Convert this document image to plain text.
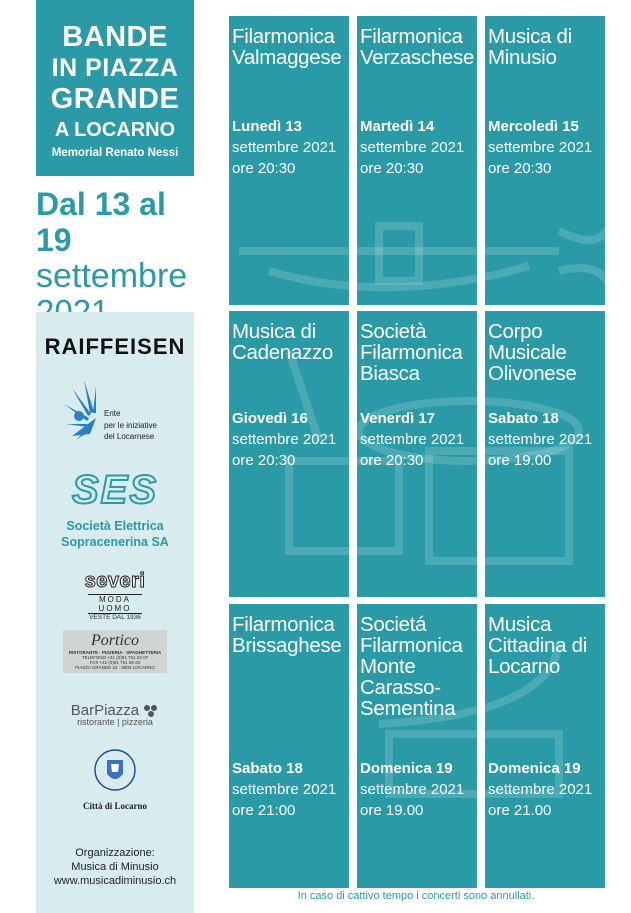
BANDE
IN PIAZZA
GRANDE
A LOCARNO
Memorial Renato Nessi
Dal 13 al 19
settembre
RAIFFEISEN
Ente
per le iniziative
del Locarnese
SES
Società Elettrica
Sopracenerina SA
severi
MODA UOMO
VESTE DAL 1936
Portico
RISTORANTE · PIZZERIA · SPAGHETTERIA
TELEFONO +41 (0)91 751 23 07
FAX +41 (0)91 751 58 82
PIAZZA GRANDE 22 · 6600 LOCARNO
BarPiazza
ristorante | pizzeria
Città di Locarno
Organizzazione:
Musica di Minusio
www.musicadiminusio.ch
Filarmonica Valmaggese
Lunedì 13
settembre 2021
ore 20:30
Filarmonica Verzaschese
Martedì 14
settembre 2021
ore 20:30
Musica di Minusio
Mercoledì 15
settembre 2021
ore 20:30
Musica di Cadenazzo
Giovedì 16
settembre 2021
ore 20:30
Società Filarmonica Biasca
Venerdì 17
settembre 2021
ore 20:30
Corpo Musicale Olivonese
Sabato 18
settembre 2021
ore 19.00
Filarmonica Brissaghese
Sabato 18
settembre 2021
ore 21:00
Societá Filarmonica Monte Carasso- Sementina
Domenica 19
settembre 2021
ore 19.00
Musica Cittadina di Locarno
Domenica 19
settembre 2021
ore 21.00
In caso di cattivo tempo i concerti sono annullati.
